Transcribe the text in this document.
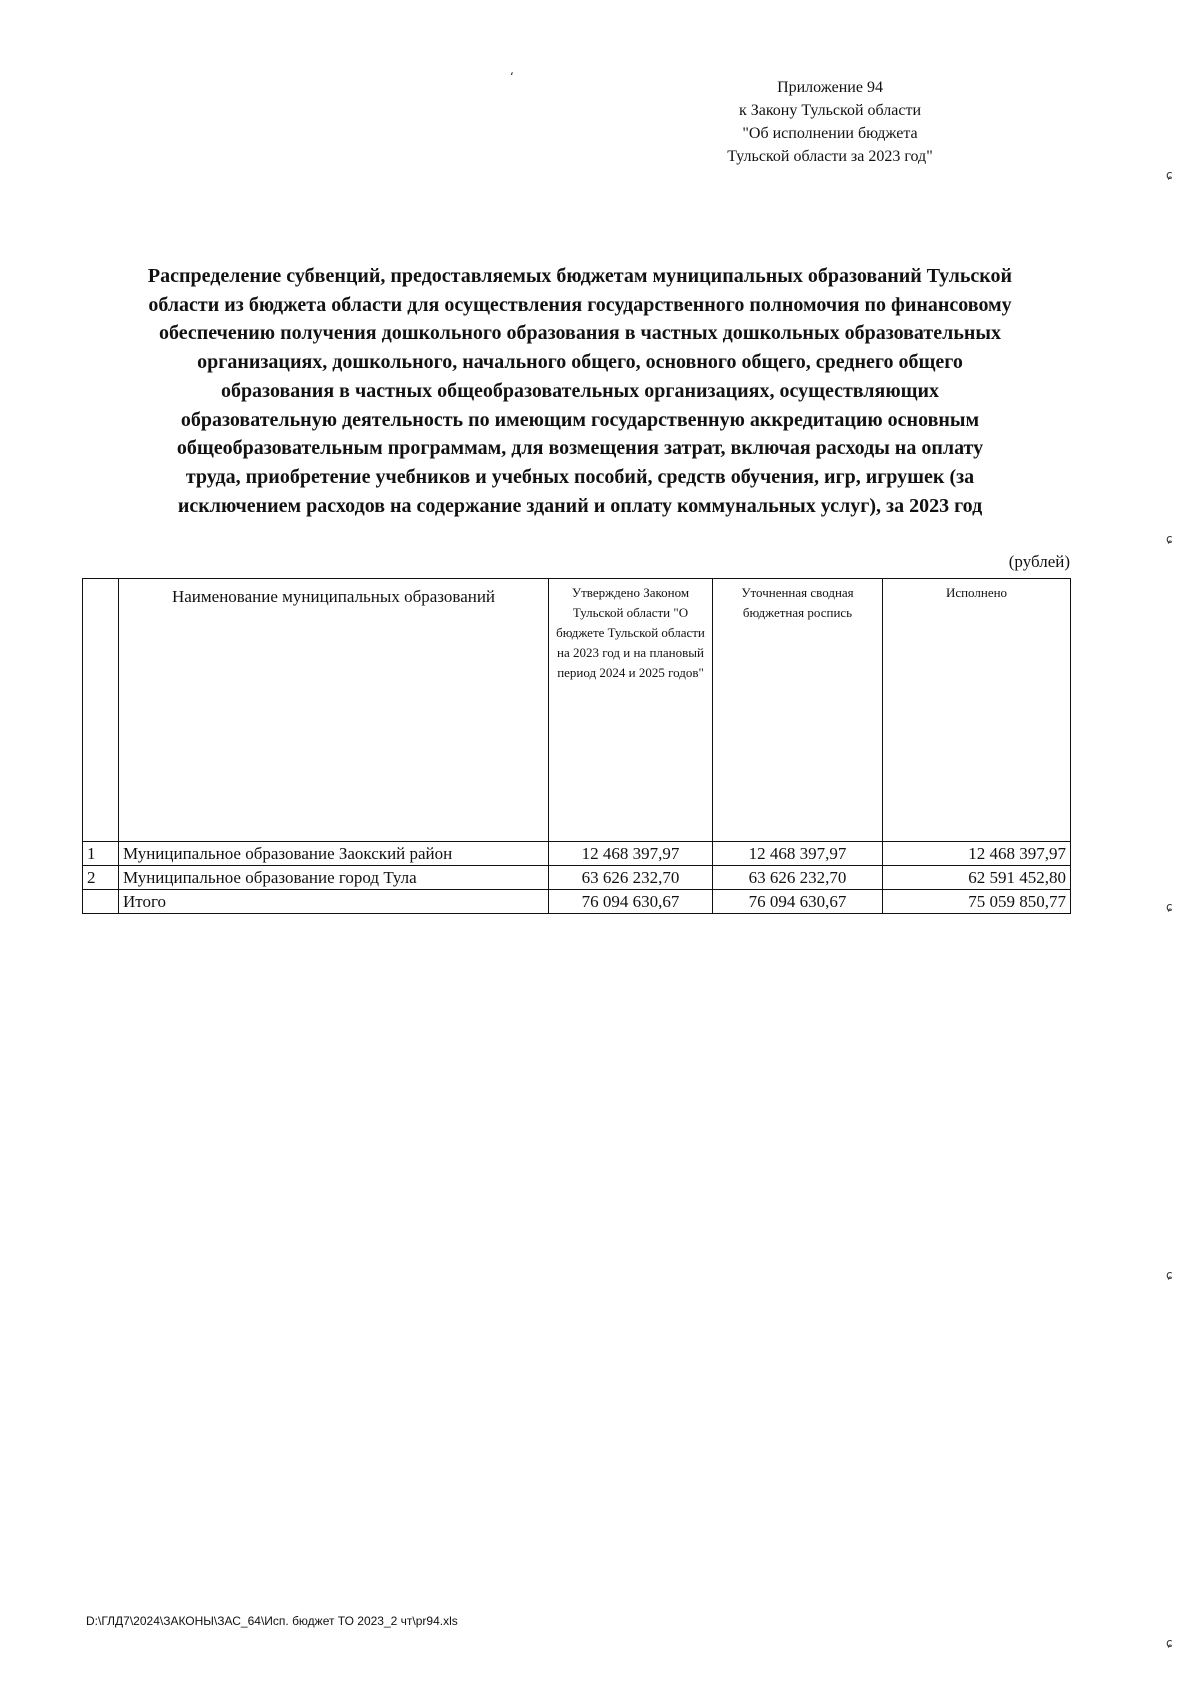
‘
ɕ
ɕ
ɕ
ɕ
ɕ
Приложение 94
к Закону Тульской области
"Об исполнении бюджета
Тульской области за 2023 год"
Распределение субвенций, предоставляемых бюджетам муниципальных образований Тульской
области из бюджета области для осуществления государственного полномочия по финансовому
обеспечению получения дошкольного образования в частных дошкольных образовательных
организациях, дошкольного, начального общего, основного общего, среднего общего
образования в частных общеобразовательных организациях, осуществляющих
образовательную деятельность по имеющим государственную аккредитацию основным
общеобразовательным программам, для возмещения затрат, включая расходы на оплату
труда, приобретение учебников и учебных пособий, средств обучения, игр, игрушек (за
исключением расходов на содержание зданий и оплату коммунальных услуг), за 2023 год
(рублей)
	Наименование муниципальных образований	Утверждено Законом Тульской области "О бюджете Тульской области на 2023 год и на плановый период 2024 и 2025 годов"	Уточненная сводная бюджетная роспись	Исполнено
1	Муниципальное образование Заокский район	12 468 397,97	12 468 397,97	12 468 397,97
2	Муниципальное образование город Тула	63 626 232,70	63 626 232,70	62 591 452,80
	Итого	76 094 630,67	76 094 630,67	75 059 850,77
D:\ГЛД7\2024\ЗАКОНЫ\ЗАС_64\Исп. бюджет ТО 2023_2 чт\pr94.xls
